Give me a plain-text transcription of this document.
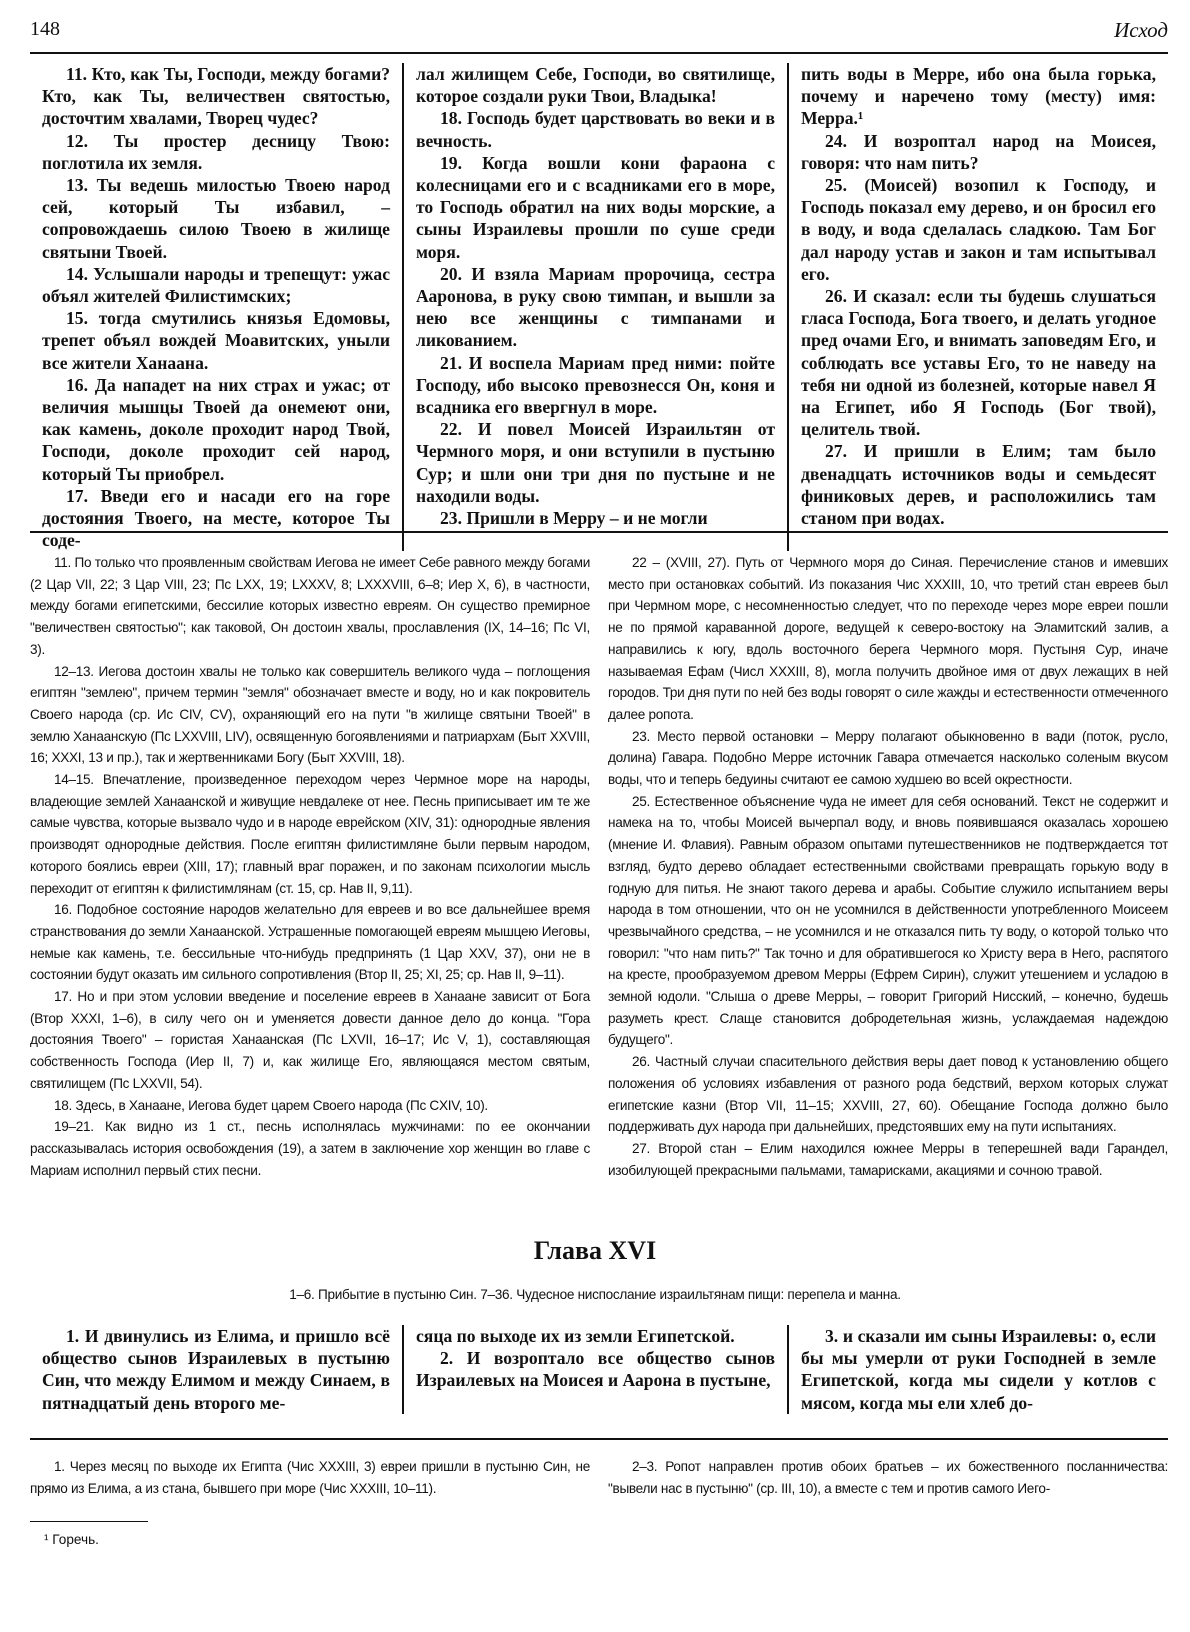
148	Исход

11. Кто, как Ты, Господи, между богами? Кто, как Ты, величествен святостью, досточтим хвалами, Творец чудес?

12. Ты простер десницу Твою: поглотила их земля.

13. Ты ведешь милостью Твоею народ сей, который Ты избавил, – сопровождаешь силою Твоею в жилище святыни Твоей.

14. Услышали народы и трепещут: ужас объял жителей Филистимских;

15. тогда смутились князья Едомовы, трепет объял вождей Моавитских, уныли все жители Ханаана.

16. Да нападет на них страх и ужас; от величия мышцы Твоей да онемеют они, как камень, доколе проходит народ Твой, Господи, доколе проходит сей народ, который Ты приобрел.

17. Введи его и насади его на горе достояния Твоего, на месте, которое Ты соде-

лал жилищем Себе, Господи, во святилище, которое создали руки Твои, Владыка!

18. Господь будет царствовать во веки и в вечность.

19. Когда вошли кони фараона с колесницами его и с всадниками его в море, то Господь обратил на них воды морские, а сыны Израилевы прошли по суше среди моря.

20. И взяла Мариам пророчица, сестра Ааронова, в руку свою тимпан, и вышли за нею все женщины с тимпанами и ликованием.

21. И воспела Мариам пред ними: пойте Господу, ибо высоко превознесся Он, коня и всадника его ввергнул в море.

22. И повел Моисей Израильтян от Чермного моря, и они вступили в пустыню Сур; и шли они три дня по пустыне и не находили воды.

23. Пришли в Мерру – и не могли

пить воды в Мерре, ибо она была горька, почему и наречено тому (месту) имя: Мерра.¹

24. И возроптал народ на Моисея, говоря: что нам пить?

25. (Моисей) возопил к Господу, и Господь показал ему дерево, и он бросил его в воду, и вода сделалась сладкою. Там Бог дал народу устав и закон и там испытывал его.

26. И сказал: если ты будешь слушаться гласа Господа, Бога твоего, и делать угодное пред очами Его, и внимать заповедям Его, и соблюдать все уставы Его, то не наведу на тебя ни одной из болезней, которые навел Я на Египет, ибо Я Господь (Бог твой), целитель твой.

27. И пришли в Елим; там было двенадцать источников воды и семьдесят финиковых дерев, и расположились там станом при водах.

11. По только что проявленным свойствам Иегова не имеет Себе равного между богами (2 Цар VII, 22; 3 Цар VIII, 23; Пс LXX, 19; LXXXV, 8; LXXXVIII, 6–8; Иер X, 6), в частности, между богами египетскими, бессилие которых известно евреям. Он существо премирное "величествен святостью"; как таковой, Он достоин хвалы, прославления (IX, 14–16; Пс VI, 3).

12–13. Иегова достоин хвалы не только как совершитель великого чуда – поглощения египтян "землею", причем термин "земля" обозначает вместе и воду, но и как покровитель Своего народа (ср. Ис CIV, CV), охраняющий его на пути "в жилище святыни Твоей" в землю Ханаанскую (Пс LXXVIII, LIV), освященную богоявлениями и патриархам (Быт XXVIII, 16; XXXI, 13 и пр.), так и жертвенниками Богу (Быт XXVIII, 18).

14–15. Впечатление, произведенное переходом через Чермное море на народы, владеющие землей Ханаанской и живущие невдалеке от нее. Песнь приписывает им те же самые чувства, которые вызвало чудо и в народе еврейском (XIV, 31): однородные явления производят однородные действия. После египтян филистимляне были первым народом, которого боялись евреи (XIII, 17); главный враг поражен, и по законам психологии мысль переходит от египтян к филистимлянам (ст. 15, ср. Нав II, 9,11).

16. Подобное состояние народов желательно для евреев и во все дальнейшее время странствования до земли Ханаанской. Устрашенные помогающей евреям мышцею Иеговы, немые как камень, т.е. бессильные что-нибудь предпринять (1 Цар XXV, 37), они не в состоянии будут оказать им сильного сопротивления (Втор II, 25; XI, 25; ср. Нав II, 9–11).

17. Но и при этом условии введение и поселение евреев в Ханаане зависит от Бога (Втор XXXI, 1–6), в силу чего он и уменяется довести данное дело до конца. "Гора достояния Твоего" – гористая Ханаанская (Пс LXVII, 16–17; Ис V, 1), составляющая собственность Господа (Иер II, 7) и, как жилище Его, являющаяся местом святым, святилищем (Пс LXXVII, 54).

18. Здесь, в Ханаане, Иегова будет царем Своего народа (Пс CXIV, 10).

19–21. Как видно из 1 ст., песнь исполнялась мужчинами: по ее окончании рассказывалась история освобождения (19), а затем в заключение хор женщин во главе с Мариам исполнил первый стих песни.

22 – (XVIII, 27). Путь от Чермного моря до Синая. Перечисление станов и имевших место при остановках событий. Из показания Чис XXXIII, 10, что третий стан евреев был при Чермном море, с несомненностью следует, что по переходе через море евреи пошли не по прямой караванной дороге, ведущей к северо-востоку на Эламитский залив, а направились к югу, вдоль восточного берега Чермного моря. Пустыня Сур, иначе называемая Ефам (Числ XXXIII, 8), могла получить двойное имя от двух лежащих в ней городов. Три дня пути по ней без воды говорят о силе жажды и естественности отмеченного далее ропота.

23. Место первой остановки – Мерру полагают обыкновенно в вади (поток, русло, долина) Гавара. Подобно Мерре источник Гавара отмечается насколько соленым вкусом воды, что и теперь бедуины считают ее самою худшею во всей окрестности.

25. Естественное объяснение чуда не имеет для себя оснований. Текст не содержит и намека на то, чтобы Моисей вычерпал воду, и вновь появившаяся оказалась хорошею (мнение И. Флавия). Равным образом опытами путешественников не подтверждается тот взгляд, будто дерево обладает естественными свойствами превращать горькую воду в годную для питья. Не знают такого дерева и арабы. Событие служило испытанием веры народа в том отношении, что он не усомнился в действенности употребленного Моисеем чрезвычайного средства, – не усомнился и не отказался пить ту воду, о которой только что говорил: "что нам пить?" Так точно и для обратившегося ко Христу вера в Него, распятого на кресте, прообразуемом древом Мерры (Ефрем Сирин), служит утешением и усладою в земной юдоли. "Слыша о древе Мерры, – говорит Григорий Нисский, – конечно, будешь разуметь крест. Слаще становится добродетельная жизнь, услаждаемая надеждою будущего".

26. Частный случаи спасительного действия веры дает повод к установлению общего положения об условиях избавления от разного рода бедствий, верхом которых служат египетские казни (Втор VII, 11–15; XXVIII, 27, 60). Обещание Господа должно было поддерживать дух народа при дальнейших, предстоявших ему на пути испытаниях.

27. Второй стан – Елим находился южнее Мерры в теперешней вади Гарандел, изобилующей прекрасными пальмами, тамарисками, акациями и сочною травой.

Глава XVI
1–6. Прибытие в пустыню Син. 7–36. Чудесное ниспослание израильтянам пищи: перепела и манна.

1. И двинулись из Елима, и пришло всё общество сынов Израилевых в пустыню Син, что между Елимом и между Синаем, в пятнадцатый день второго ме-

сяца по выходе их из земли Египетской.

2. И возроптало все общество сынов Израилевых на Моисея и Аарона в пустыне,

3. и сказали им сыны Израилевы: о, если бы мы умерли от руки Господней в земле Египетской, когда мы сидели у котлов с мясом, когда мы ели хлеб до-

1. Через месяц по выходе их Египта (Чис XXXIII, 3) евреи пришли в пустыню Син, не прямо из Елима, а из стана, бывшего при море (Чис XXXIII, 10–11).

2–3. Ропот направлен против обоих братьев – их божественного посланничества: "вывели нас в пустыню" (ср. III, 10), а вместе с тем и против самого Иего-

¹ Горечь.
